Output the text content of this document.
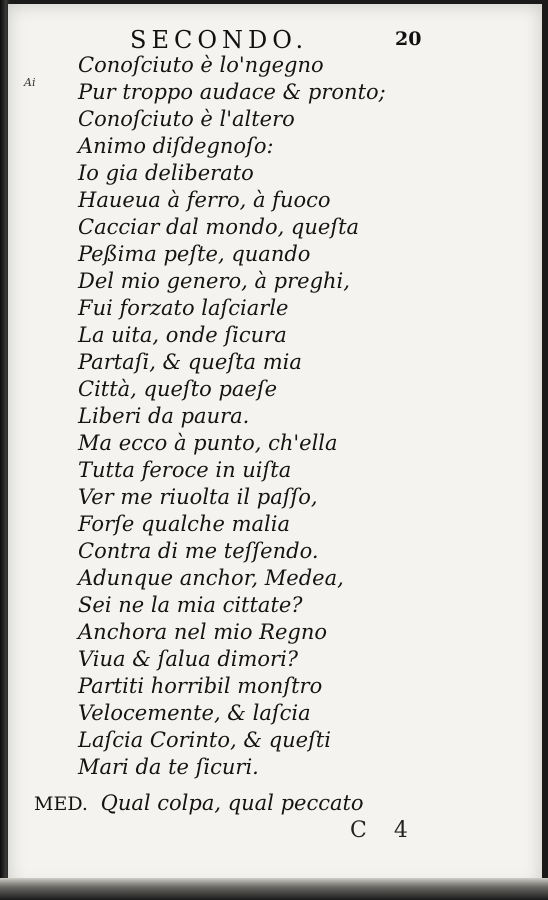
SECONDO.	20
Ai
Conoſciuto è lo'ngegno
Pur troppo audace & pronto;
Conoſciuto è l'altero
Animo diſdegnoſo:
Io gia deliberato
Haueua à ferro, à fuoco
Cacciar dal mondo, queſta
Peßima peſte, quando
Del mio genero, à preghi,
Fui forzato laſciarle
La uita, onde ſicura
Partaſi, & queſta mia
Città, queſto paeſe
Liberi da paura.
Ma ecco à punto, ch'ella
Tutta feroce in uiſta
Ver me riuolta il paſſo,
Forſe qualche malia
Contra di me teſſendo.
Adunque anchor, Medea,
Sei ne la mia cittate?
Anchora nel mio Regno
Viua & ſalua dimori?
Partiti horribil monſtro
Velocemente, & laſcia
Laſcia Corinto, & queſti
Mari da te ſicuri.
MED. Qual colpa, qual peccato
C 4
